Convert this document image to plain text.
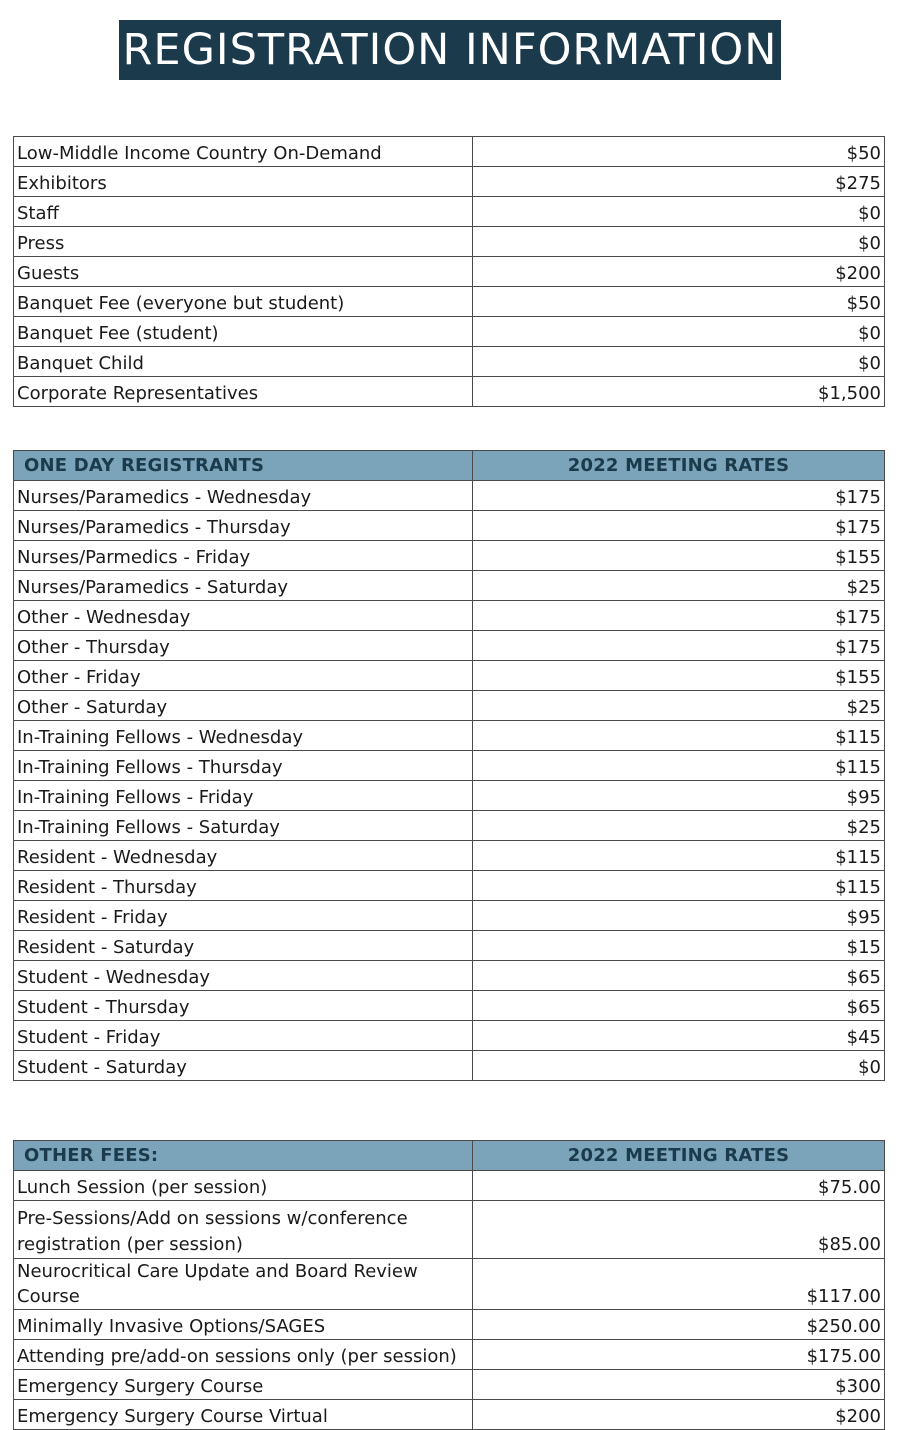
REGISTRATION INFORMATION
Low-Middle Income Country On-Demand	$50
Exhibitors	$275
Staff	$0
Press	$0
Guests	$200
Banquet Fee (everyone but student)	$50
Banquet Fee (student)	$0
Banquet Child	$0
Corporate Representatives	$1,500
ONE DAY REGISTRANTS	2022 MEETING RATES
Nurses/Paramedics - Wednesday	$175
Nurses/Paramedics - Thursday	$175
Nurses/Parmedics - Friday	$155
Nurses/Paramedics - Saturday	$25
Other - Wednesday	$175
Other - Thursday	$175
Other - Friday	$155
Other - Saturday	$25
In-Training Fellows - Wednesday	$115
In-Training Fellows - Thursday	$115
In-Training Fellows - Friday	$95
In-Training Fellows - Saturday	$25
Resident - Wednesday	$115
Resident - Thursday	$115
Resident - Friday	$95
Resident - Saturday	$15
Student - Wednesday	$65
Student - Thursday	$65
Student - Friday	$45
Student - Saturday	$0
OTHER FEES:	2022 MEETING RATES
Lunch Session (per session)	$75.00
Pre-Sessions/Add on sessions w/conference registration (per session)	$85.00
Neurocritical Care Update and Board Review Course	$117.00
Minimally Invasive Options/SAGES	$250.00
Attending pre/add-on sessions only (per session)	$175.00
Emergency Surgery Course	$300
Emergency Surgery Course Virtual	$200
